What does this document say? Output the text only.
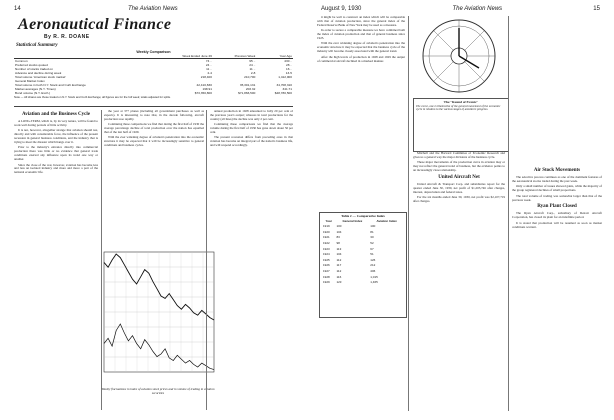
14	The Aviation News
Aeronautical Finance
By R. R. DOANE
Statistical Summary
Weekly Comparison
	Week Ended June 26	Previous Week	Year Ago
Common	74 ..	95 ..	430 ..
Preferred stocks quoted	24 ..	24 ..	28 ..
Number of stocks traded on	11 ..	11 ..	16 ..
Advance and decline during week	2-4	2-8	13-5
Total volume 'American stock market'	218,400	210,700	1,412,000
General Market Index			
Total volume in both N.Y. Stock and Curb Exchange	42,410,830	35,301,131	34,708,310
Market averages (N.Y. Times)	198.91	203.32	341.71
Bond volume (N.Y. Exch.)	$73,350,800	$71,866,500	$48,780,500
Note — All shares are those traded on N.Y. Stock and Curb Exchange; all figures are for the full week; totals adjusted for splits.
Aviation and the Business Cycle

A LONG-TERM, which is, by its very nature, will be found to work well during periods of little activity.

It is not, however, altogether strange that aviation should not, directly and with considerable force, the influence of the present recession in general business conditions, and the industry that is trying to meet the disaster which hangs over it.

Prior to the industry's entrance directly into commercial production there was little or no evidence that general trade conditions exerted any influence upon its trend one way or another.

Since the close of the war, however, aviation has become less and less an isolated industry and more and more a part of the national economic life.

the year at 377 planes (including all government purchases as well as exports). It is interesting to note that, in the decade following, aircraft production rose rapidly.

Continuing these comparisons we find that during the first half of 1930 the average percentage decline of total production over the nation has equalled that of the last half of 1929.

With the ever widening degree of aviation's penetration into the economic structure it may be expected that it will be increasingly sensitive to general conditions and business cycles.

Weekly fluctuations in index of aviation stock prices and in volume of trading in aviation securities

annual production in 1928 amounted to fully 20 per cent of the previous year's output; whereas in total productions for the country (all lines) the decline was only 2 per cent.

Continuing these comparisons we find that the average volume during the first half of 1930 has gone down about 50 per cent.

The present recession differs from preceding ones in that aviation has become an integral part of the nation's business life, and will respond accordingly.

August 9, 1930	The Aviation News	15

it might be well to construct an index which will be comparable with that of aviation production, since the general index of the Federal Reserve Bank of New York may be used as a measure.

In order to secure a comparable measure we have combined both the index of aviation production and that of general business since 1925.

With the ever widening degree of aviation's penetration into the economic structure it may be expected that the business cycle of the industry will become closely associated with the general trend.

After the high levels of production in 1928 and 1929 the output of commercial aircraft declined in a marked manner.

Table 2 — Comparative Index
Year	General Index	Aviation Index
1919	100	100
1920	104	81
1921	83	30
1922	98	52
1923	113	67
1924	104	51
1925	112	126
1926	117	212
1927	112	406
1928	116	1,015
1929	123	1,465
The "Round of Events"
The curve, one is illustrative of the general movement of the economic cycle in relation to the various stages of aviation's progress.

Mitchell and the Harvard Committee of Economic Research and gives us a general way the major divisions of the business cycle.

These major movements of the production curve in aviation may or may not reflect the general trend of business, but the evidence points to an increasingly close relationship.

United Aircraft Net

United Aircraft & Transport Corp. and subsidiaries report for the quarter ended June 30, 1930, net profit of $1,203,746 after charges, interest, depreciation and federal taxes.

For the six months ended June 30, 1930, net profit was $2,107,719 after charges.

Air Stock Movements

The selective process continues as one of the dominant features of the aeronautical stocks traded during the past week.

Only a small number of issues showed gains, while the majority of the group registered declines of small proportions.

The total volume of trading was somewhat larger than that of the previous week.

Ryan Plant Closed

The Ryan Aircraft Corp., subsidiary of Detroit Aircraft Corporation, has closed its plant for an indefinite period.

It is stated that production will be resumed as soon as market conditions warrant.
